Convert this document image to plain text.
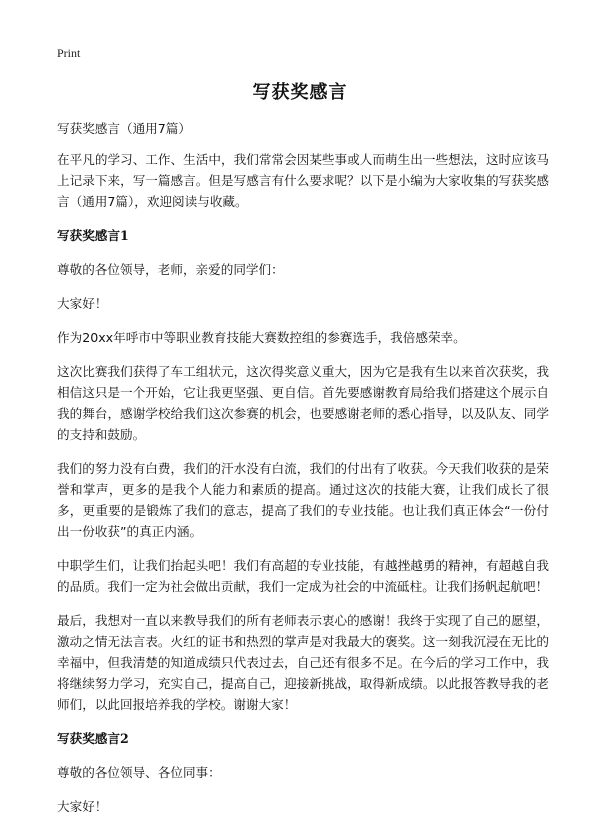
Print
写获奖感言

写获奖感言（通用7篇）

在平凡的学习、工作、生活中，我们常常会因某些事或人而萌生出一些想法，这时应该马上记录下来，写一篇感言。但是写感言有什么要求呢？以下是小编为大家收集的写获奖感言（通用7篇），欢迎阅读与收藏。

写获奖感言1

尊敬的各位领导，老师，亲爱的同学们：

大家好！

作为20xx年呼市中等职业教育技能大赛数控组的参赛选手，我倍感荣幸。

这次比赛我们获得了车工组状元，这次得奖意义重大，因为它是我有生以来首次获奖，我相信这只是一个开始，它让我更坚强、更自信。首先要感谢教育局给我们搭建这个展示自我的舞台，感谢学校给我们这次参赛的机会，也要感谢老师的悉心指导，以及队友、同学的支持和鼓励。

我们的努力没有白费，我们的汗水没有白流，我们的付出有了收获。今天我们收获的是荣誉和掌声，更多的是我个人能力和素质的提高。通过这次的技能大赛，让我们成长了很多，更重要的是锻炼了我们的意志，提高了我们的专业技能。也让我们真正体会“一份付出一份收获”的真正内涵。

中职学生们，让我们抬起头吧！我们有高超的专业技能，有越挫越勇的精神，有超越自我的品质。我们一定为社会做出贡献，我们一定成为社会的中流砥柱。让我们扬帆起航吧！

最后，我想对一直以来教导我们的所有老师表示衷心的感谢！我终于实现了自己的愿望，激动之情无法言表。火红的证书和热烈的掌声是对我最大的褒奖。这一刻我沉浸在无比的幸福中，但我清楚的知道成绩只代表过去，自己还有很多不足。在今后的学习工作中，我将继续努力学习，充实自己，提高自己，迎接新挑战，取得新成绩。以此报答教导我的老师们，以此回报培养我的学校。谢谢大家！

写获奖感言2

尊敬的各位领导、各位同事：

大家好！
